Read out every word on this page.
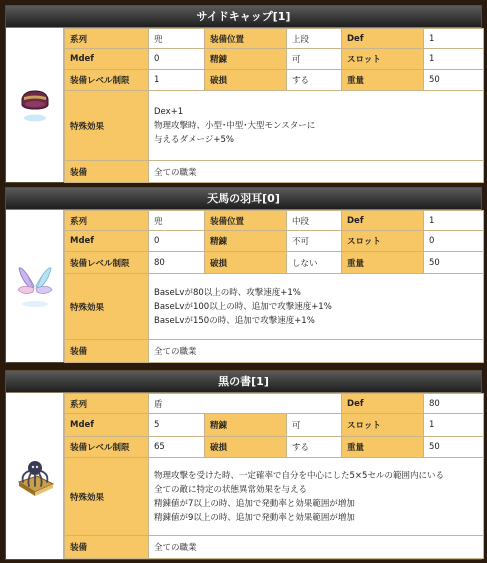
サイドキャップ[1]
系列	兜	装備位置	上段	Def	1
Mdef	0	精錬	可	スロット	1
装備レベル制限	1	破損	する	重量	50
特殊効果	Dex+1
物理攻撃時、小型･中型･大型モンスターに
与えるダメージ+5%				

装備	全ての職業				
天馬の羽耳[0]
系列	兜	装備位置	中段	Def	1
Mdef	0	精錬	不可	スロット	0
装備レベル制限	80	破損	しない	重量	50
特殊効果	BaseLvが80以上の時、攻撃速度+1%
BaseLvが100以上の時、追加で攻撃速度+1%
BaseLvが150の時、追加で攻撃速度+1%				

装備	全ての職業				
黒の書[1]
系列	盾			Def	80
Mdef	5	精錬	可	スロット	1
装備レベル制限	65	破損	する	重量	50
特殊効果	物理攻撃を受けた時、一定確率で自分を中心にした5×5セルの範囲内にいる
全ての敵に特定の状態異常効果を与える
精錬値が7以上の時、追加で発動率と効果範囲が増加
精錬値が9以上の時、追加で発動率と効果範囲が増加				

装備	全ての職業				
